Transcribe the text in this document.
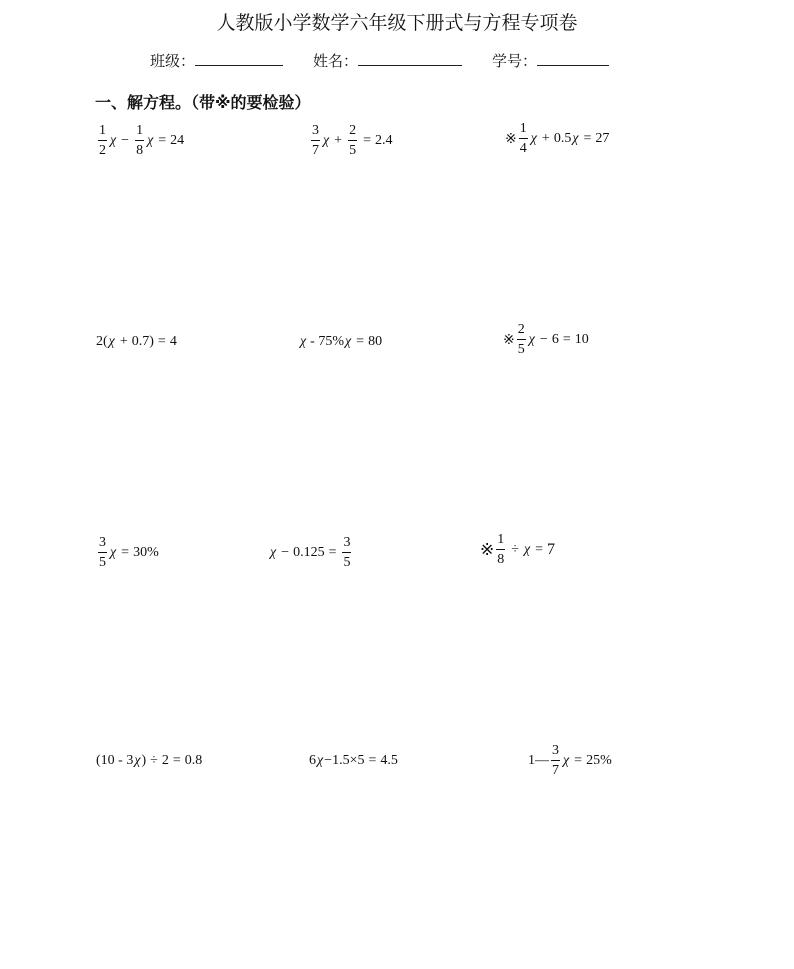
人教版小学数学六年级下册式与方程专项卷
班级：	姓名：	学号：
一、解方程。（带※的要检验）
$\frac{1}{2}$ $\chi - \frac{1}{8}$ χ = 24	$\frac{3}{7}$ $\chi + \frac{2}{5} = 2.4$	※ $\frac{1}{4}$ χ + 0.5 χ = 27
2( χ + 0.7 ) = 4	χ - 75% χ = 80	※ $\frac{2}{5}$ χ − 6 = 10
$\frac{3}{5}$ χ = 30%	$\chi - 0.125 = \frac{3}{5}$	※ $\frac{1}{8} \div \chi = 7$
(10 - 3 χ ) ÷ 2 = 0.8	6 χ −1.5×5 = 4.5	1— $\frac{3}{7}$ χ = 25%
